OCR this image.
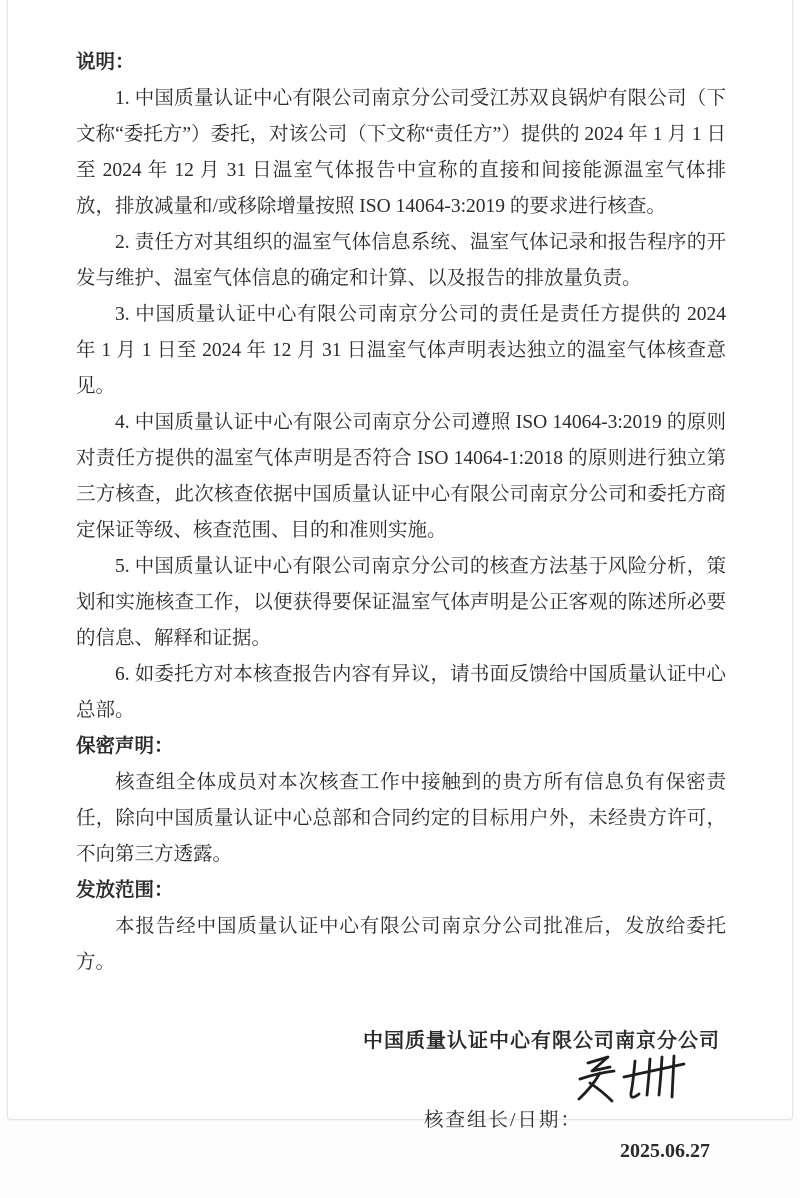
说明：

1. 中国质量认证中心有限公司南京分公司受江苏双良锅炉有限公司（下文称“委托方”）委托，对该公司（下文称“责任方”）提供的 2024 年 1 月 1 日至 2024 年 12 月 31 日温室气体报告中宣称的直接和间接能源温室气体排放，排放减量和/或移除增量按照 ISO 14064-3:2019 的要求进行核查。

2. 责任方对其组织的温室气体信息系统、温室气体记录和报告程序的开发与维护、温室气体信息的确定和计算、以及报告的排放量负责。

3. 中国质量认证中心有限公司南京分公司的责任是责任方提供的 2024 年 1 月 1 日至 2024 年 12 月 31 日温室气体声明表达独立的温室气体核查意见。

4. 中国质量认证中心有限公司南京分公司遵照 ISO 14064-3:2019 的原则对责任方提供的温室气体声明是否符合 ISO 14064-1:2018 的原则进行独立第三方核查，此次核查依据中国质量认证中心有限公司南京分公司和委托方商定保证等级、核查范围、目的和准则实施。

5. 中国质量认证中心有限公司南京分公司的核查方法基于风险分析，策划和实施核查工作，以便获得要保证温室气体声明是公正客观的陈述所必要的信息、解释和证据。

6. 如委托方对本核查报告内容有异议，请书面反馈给中国质量认证中心总部。

保密声明：

核查组全体成员对本次核查工作中接触到的贵方所有信息负有保密责任，除向中国质量认证中心总部和合同约定的目标用户外，未经贵方许可，不向第三方透露。

发放范围：

本报告经中国质量认证中心有限公司南京分公司批准后，发放给委托方。

中国质量认证中心有限公司南京分公司
核查组长/日期：
2025.06.27
